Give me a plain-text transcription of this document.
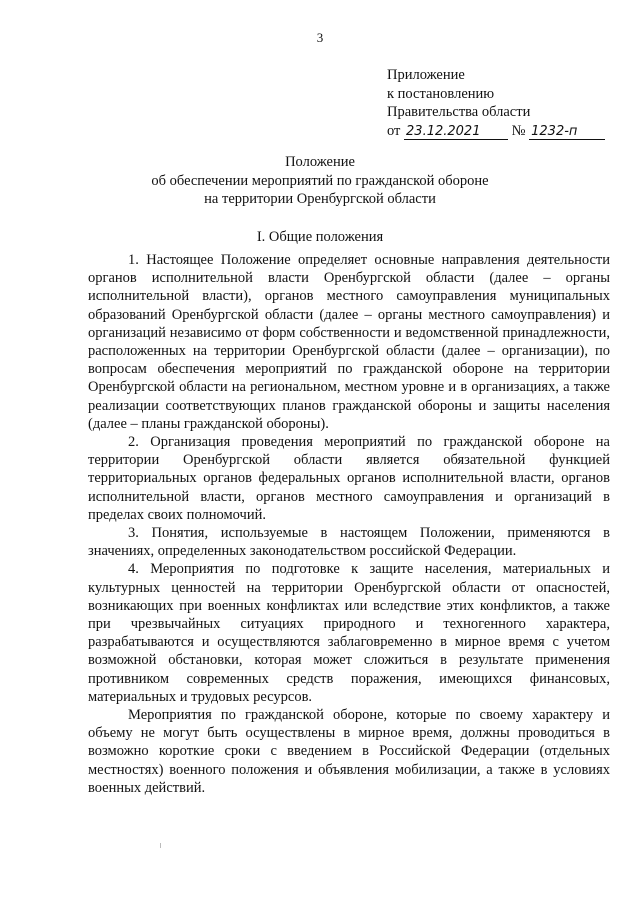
3
Приложение
к постановлению
Правительства области
от 23.12.2021 № 1232-п
Положение
об обеспечении мероприятий по гражданской обороне
на территории Оренбургской области
I. Общие положения

1. Настоящее Положение определяет основные направления деятельности органов исполнительной власти Оренбургской области (далее – органы исполнительной власти), органов местного самоуправления муниципальных образований Оренбургской области (далее – органы местного самоуправления) и организаций независимо от форм собственности и ведомственной принадлежности, расположенных на территории Оренбургской области (далее – организации), по вопросам обеспечения мероприятий по гражданской обороне на территории Оренбургской области на региональном, местном уровне и в организациях, а также реализации соответствующих планов гражданской обороны и защиты населения (далее – планы гражданской обороны).

2. Организация проведения мероприятий по гражданской обороне на территории Оренбургской области является обязательной функцией территориальных органов федеральных органов исполнительной власти, органов исполнительной власти, органов местного самоуправления и организаций в пределах своих полномочий.

3. Понятия, используемые в настоящем Положении, применяются в значениях, определенных законодательством российской Федерации.

4. Мероприятия по подготовке к защите населения, материальных и культурных ценностей на территории Оренбургской области от опасностей, возникающих при военных конфликтах или вследствие этих конфликтов, а также при чрезвычайных ситуациях природного и техногенного характера, разрабатываются и осуществляются заблаговременно в мирное время с учетом возможной обстановки, которая может сложиться в результате применения противником современных средств поражения, имеющихся финансовых, материальных и трудовых ресурсов.

Мероприятия по гражданской обороне, которые по своему характеру и объему не могут быть осуществлены в мирное время, должны проводиться в возможно короткие сроки с введением в Российской Федерации (отдельных местностях) военного положения и объявления мобилизации, а также в условиях военных действий.
